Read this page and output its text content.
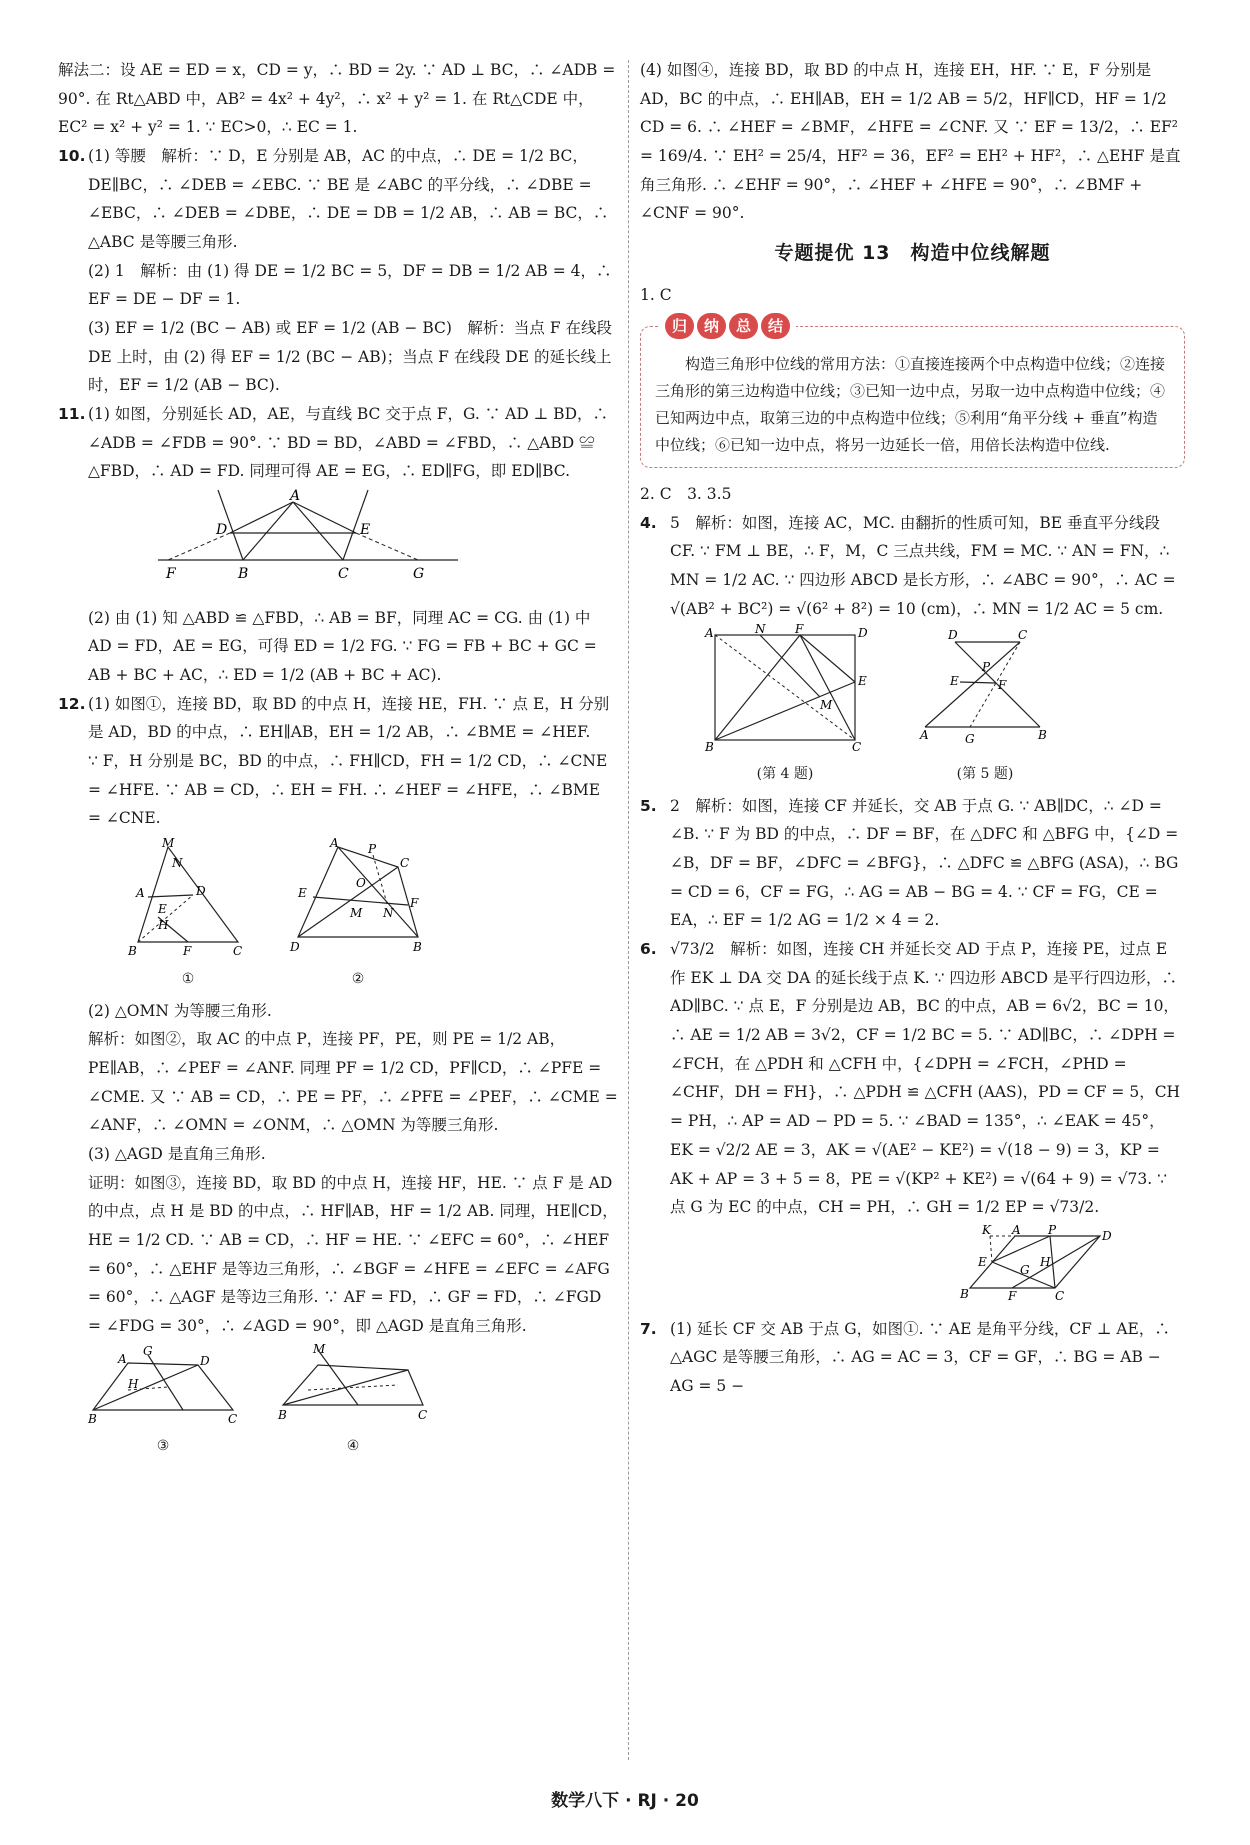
解法二：设 AE = ED = x，CD = y，∴ BD = 2y. ∵ AD ⊥ BC，∴ ∠ADB = 90°. 在 Rt△ABD 中，AB² = 4x² + 4y²，∴ x² + y² = 1. 在 Rt△CDE 中，EC² = x² + y² = 1. ∵ EC>0，∴ EC = 1.

10. (1) 等腰　解析：∵ D，E 分别是 AB，AC 的中点，∴ DE = 1/2 BC，DE∥BC，∴ ∠DEB = ∠EBC. ∵ BE 是 ∠ABC 的平分线，∴ ∠DBE = ∠EBC，∴ ∠DEB = ∠DBE，∴ DE = DB = 1/2 AB，∴ AB = BC，∴ △ABC 是等腰三角形.

(2) 1　解析：由 (1) 得 DE = 1/2 BC = 5，DF = DB = 1/2 AB = 4，∴ EF = DE − DF = 1.

(3) EF = 1/2 (BC − AB) 或 EF = 1/2 (AB − BC)　解析：当点 F 在线段 DE 上时，由 (2) 得 EF = 1/2 (BC − AB)；当点 F 在线段 DE 的延长线上时，EF = 1/2 (AB − BC).

11. (1) 如图，分别延长 AD，AE，与直线 BC 交于点 F，G. ∵ AD ⊥ BD，∴ ∠ADB = ∠FDB = 90°. ∵ BD = BD，∠ABD = ∠FBD，∴ △ABD ≌ △FBD，∴ AD = FD. 同理可得 AE = EG，∴ ED∥FG，即 ED∥BC.

A
D	E
F	B	C	G

(2) 由 (1) 知 △ABD ≌ △FBD，∴ AB = BF，同理 AC = CG. 由 (1) 中 AD = FD，AE = EG，可得 ED = 1/2 FG. ∵ FG = FB + BC + GC = AB + BC + AC，∴ ED = 1/2 (AB + BC + AC).

12. (1) 如图①，连接 BD，取 BD 的中点 H，连接 HE，FH. ∵ 点 E，H 分别是 AD，BD 的中点，∴ EH∥AB，EH = 1/2 AB，∴ ∠BME = ∠HEF.

∵ F，H 分别是 BC，BD 的中点，∴ FH∥CD，FH = 1/2 CD，∴ ∠CNE = ∠HFE. ∵ AB = CD，∴ EH = FH. ∴ ∠HEF = ∠HFE，∴ ∠BME = ∠CNE.

M
N
A	D
E
H
B	F	C
①
A P
C
E
O
M N
F
D	B
②

(2) △OMN 为等腰三角形.

解析：如图②，取 AC 的中点 P，连接 PF，PE，则 PE = 1/2 AB，PE∥AB，∴ ∠PEF = ∠ANF. 同理 PF = 1/2 CD，PF∥CD，∴ ∠PFE = ∠CME. 又 ∵ AB = CD，∴ PE = PF，∴ ∠PFE = ∠PEF，∴ ∠CME = ∠ANF，∴ ∠OMN = ∠ONM，∴ △OMN 为等腰三角形.

(3) △AGD 是直角三角形.

证明：如图③，连接 BD，取 BD 的中点 H，连接 HF，HE. ∵ 点 F 是 AD 的中点，点 H 是 BD 的中点，∴ HF∥AB，HF = 1/2 AB. 同理，HE∥CD，HE = 1/2 CD. ∵ AB = CD，∴ HF = HE. ∵ ∠EFC = 60°，∴ ∠HEF = 60°，∴ △EHF 是等边三角形，∴ ∠BGF = ∠HFE = ∠EFC = ∠AFG = 60°，∴ △AGF 是等边三角形. ∵ AF = FD，∴ GF = FD，∴ ∠FGD = ∠FDG = 30°，∴ ∠AGD = 90°，即 △AGD 是直角三角形.

G
A	D
H
B	C
③
M
B	C
④

(4) 如图④，连接 BD，取 BD 的中点 H，连接 EH，HF. ∵ E，F 分别是 AD，BC 的中点，∴ EH∥AB，EH = 1/2 AB = 5/2，HF∥CD，HF = 1/2 CD = 6. ∴ ∠HEF = ∠BMF，∠HFE = ∠CNF. 又 ∵ EF = 13/2，∴ EF² = 169/4. ∵ EH² = 25/4，HF² = 36，EF² = EH² + HF²，∴ △EHF 是直角三角形. ∴ ∠EHF = 90°，∴ ∠HEF + ∠HFE = 90°，∴ ∠BMF + ∠CNF = 90°.

专题提优 13　构造中位线解题

1. C

归	纳	总	结

构造三角形中位线的常用方法：①直接连接两个中点构造中位线；②连接三角形的第三边构造中位线；③已知一边中点，另取一边中点构造中位线；④已知两边中点，取第三边的中点构造中位线；⑤利用“角平分线 + 垂直”构造中位线；⑥已知一边中点，将另一边延长一倍，用倍长法构造中位线.

2. C　3. 3.5

4. 5　解析：如图，连接 AC，MC. 由翻折的性质可知，BE 垂直平分线段 CF. ∵ FM ⊥ BE，∴ F，M，C 三点共线，FM = MC. ∵ AN = FN，∴ MN = 1/2 AC. ∵ 四边形 ABCD 是长方形，∴ ∠ABC = 90°，∴ AC = √(AB² + BC²) = √(6² + 8²) = 10 (cm)，∴ MN = 1/2 AC = 5 cm.

A	N F	D
E
M
B	C
(第 4 题)
D	C
P
E	F
A	G	B
(第 5 题)

5. 2　解析：如图，连接 CF 并延长，交 AB 于点 G. ∵ AB∥DC，∴ ∠D = ∠B. ∵ F 为 BD 的中点，∴ DF = BF，在 △DFC 和 △BFG 中，{∠D = ∠B，DF = BF，∠DFC = ∠BFG}，∴ △DFC ≌ △BFG (ASA)，∴ BG = CD = 6，CF = FG，∴ AG = AB − BG = 4. ∵ CF = FG，CE = EA，∴ EF = 1/2 AG = 1/2 × 4 = 2.

6. √73/2　解析：如图，连接 CH 并延长交 AD 于点 P，连接 PE，过点 E 作 EK ⊥ DA 交 DA 的延长线于点 K. ∵ 四边形 ABCD 是平行四边形，∴ AD∥BC. ∵ 点 E，F 分别是边 AB，BC 的中点，AB = 6√2，BC = 10，∴ AE = 1/2 AB = 3√2，CF = 1/2 BC = 5. ∵ AD∥BC，∴ ∠DPH = ∠FCH，在 △PDH 和 △CFH 中，{∠DPH = ∠FCH，∠PHD = ∠CHF，DH = FH}，∴ △PDH ≌ △CFH (AAS)，PD = CF = 5，CH = PH，∴ AP = AD − PD = 5. ∵ ∠BAD = 135°，∴ ∠EAK = 45°，EK = √2/2 AE = 3，AK = √(AE² − KE²) = √(18 − 9) = 3，KP = AK + AP = 3 + 5 = 8，PE = √(KP² + KE²) = √(64 + 9) = √73. ∵ 点 G 为 EC 的中点，CH = PH，∴ GH = 1/2 EP = √73/2.

K A P	D
E
G
H
B	F	C

7. (1) 延长 CF 交 AB 于点 G，如图①. ∵ AE 是角平分线，CF ⊥ AE，∴ △AGC 是等腰三角形，∴ AG = AC = 3，CF = GF，∴ BG = AB − AG = 5 −

数学八下 · RJ · 20
